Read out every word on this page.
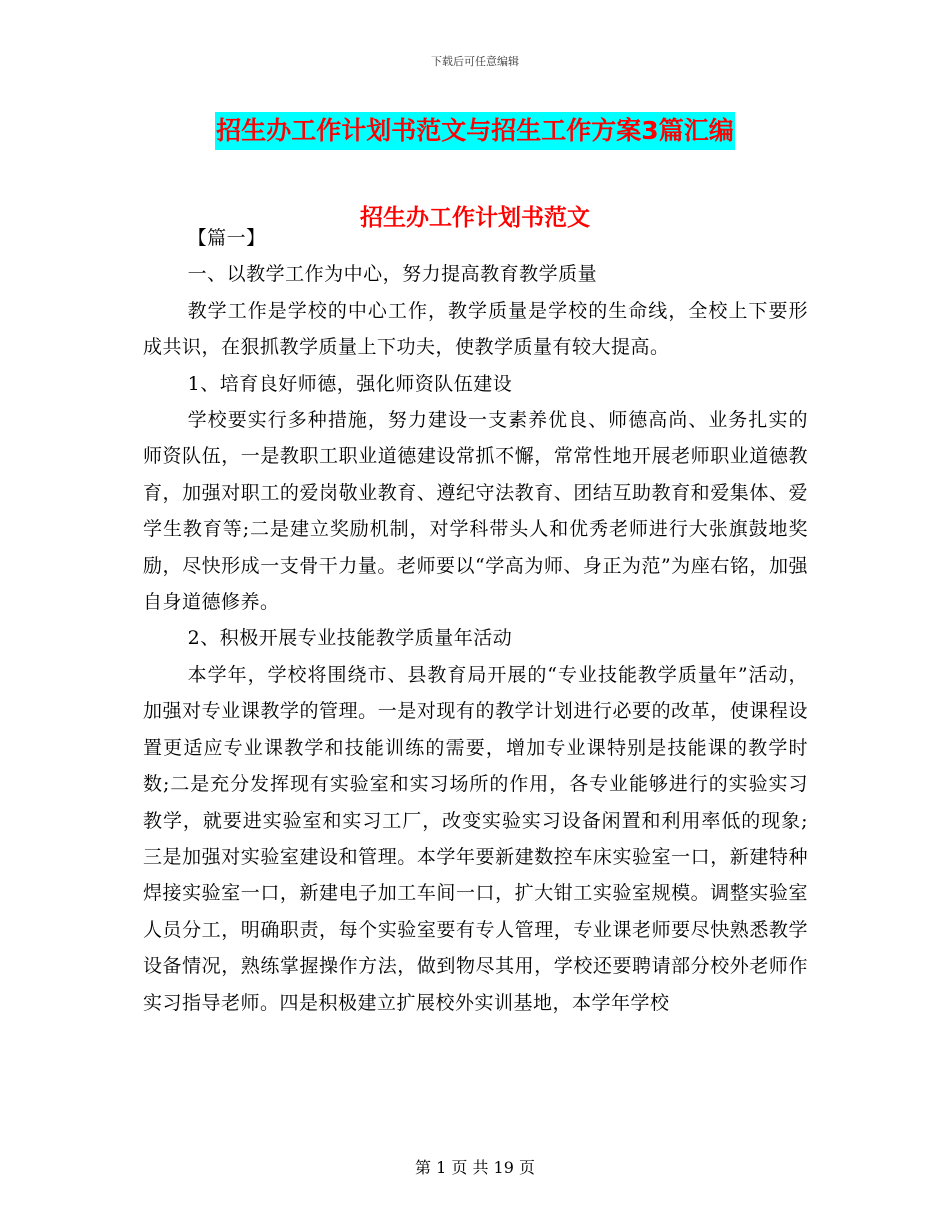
下载后可任意编辑
招生办工作计划书范文与招生工作方案3篇汇编
招生办工作计划书范文

【篇一】

一、以教学工作为中心，努力提高教育教学质量

教学工作是学校的中心工作，教学质量是学校的生命线，全校上下要形成共识，在狠抓教学质量上下功夫，使教学质量有较大提高。

1、培育良好师德，强化师资队伍建设

学校要实行多种措施，努力建设一支素养优良、师德高尚、业务扎实的师资队伍，一是教职工职业道德建设常抓不懈，常常性地开展老师职业道德教育，加强对职工的爱岗敬业教育、遵纪守法教育、团结互助教育和爱集体、爱学生教育等;二是建立奖励机制，对学科带头人和优秀老师进行大张旗鼓地奖励，尽快形成一支骨干力量。老师要以“学高为师、身正为范”为座右铭，加强自身道德修养。

2、积极开展专业技能教学质量年活动

本学年，学校将围绕市、县教育局开展的“专业技能教学质量年”活动，加强对专业课教学的管理。一是对现有的教学计划进行必要的改革，使课程设置更适应专业课教学和技能训练的需要，增加专业课特别是技能课的教学时数;二是充分发挥现有实验室和实习场所的作用，各专业能够进行的实验实习教学，就要进实验室和实习工厂，改变实验实习设备闲置和利用率低的现象;三是加强对实验室建设和管理。本学年要新建数控车床实验室一口，新建特种焊接实验室一口，新建电子加工车间一口，扩大钳工实验室规模。调整实验室人员分工，明确职责，每个实验室要有专人管理，专业课老师要尽快熟悉教学设备情况，熟练掌握操作方法，做到物尽其用，学校还要聘请部分校外老师作实习指导老师。四是积极建立扩展校外实训基地，本学年学校

第 1 页 共 19 页
